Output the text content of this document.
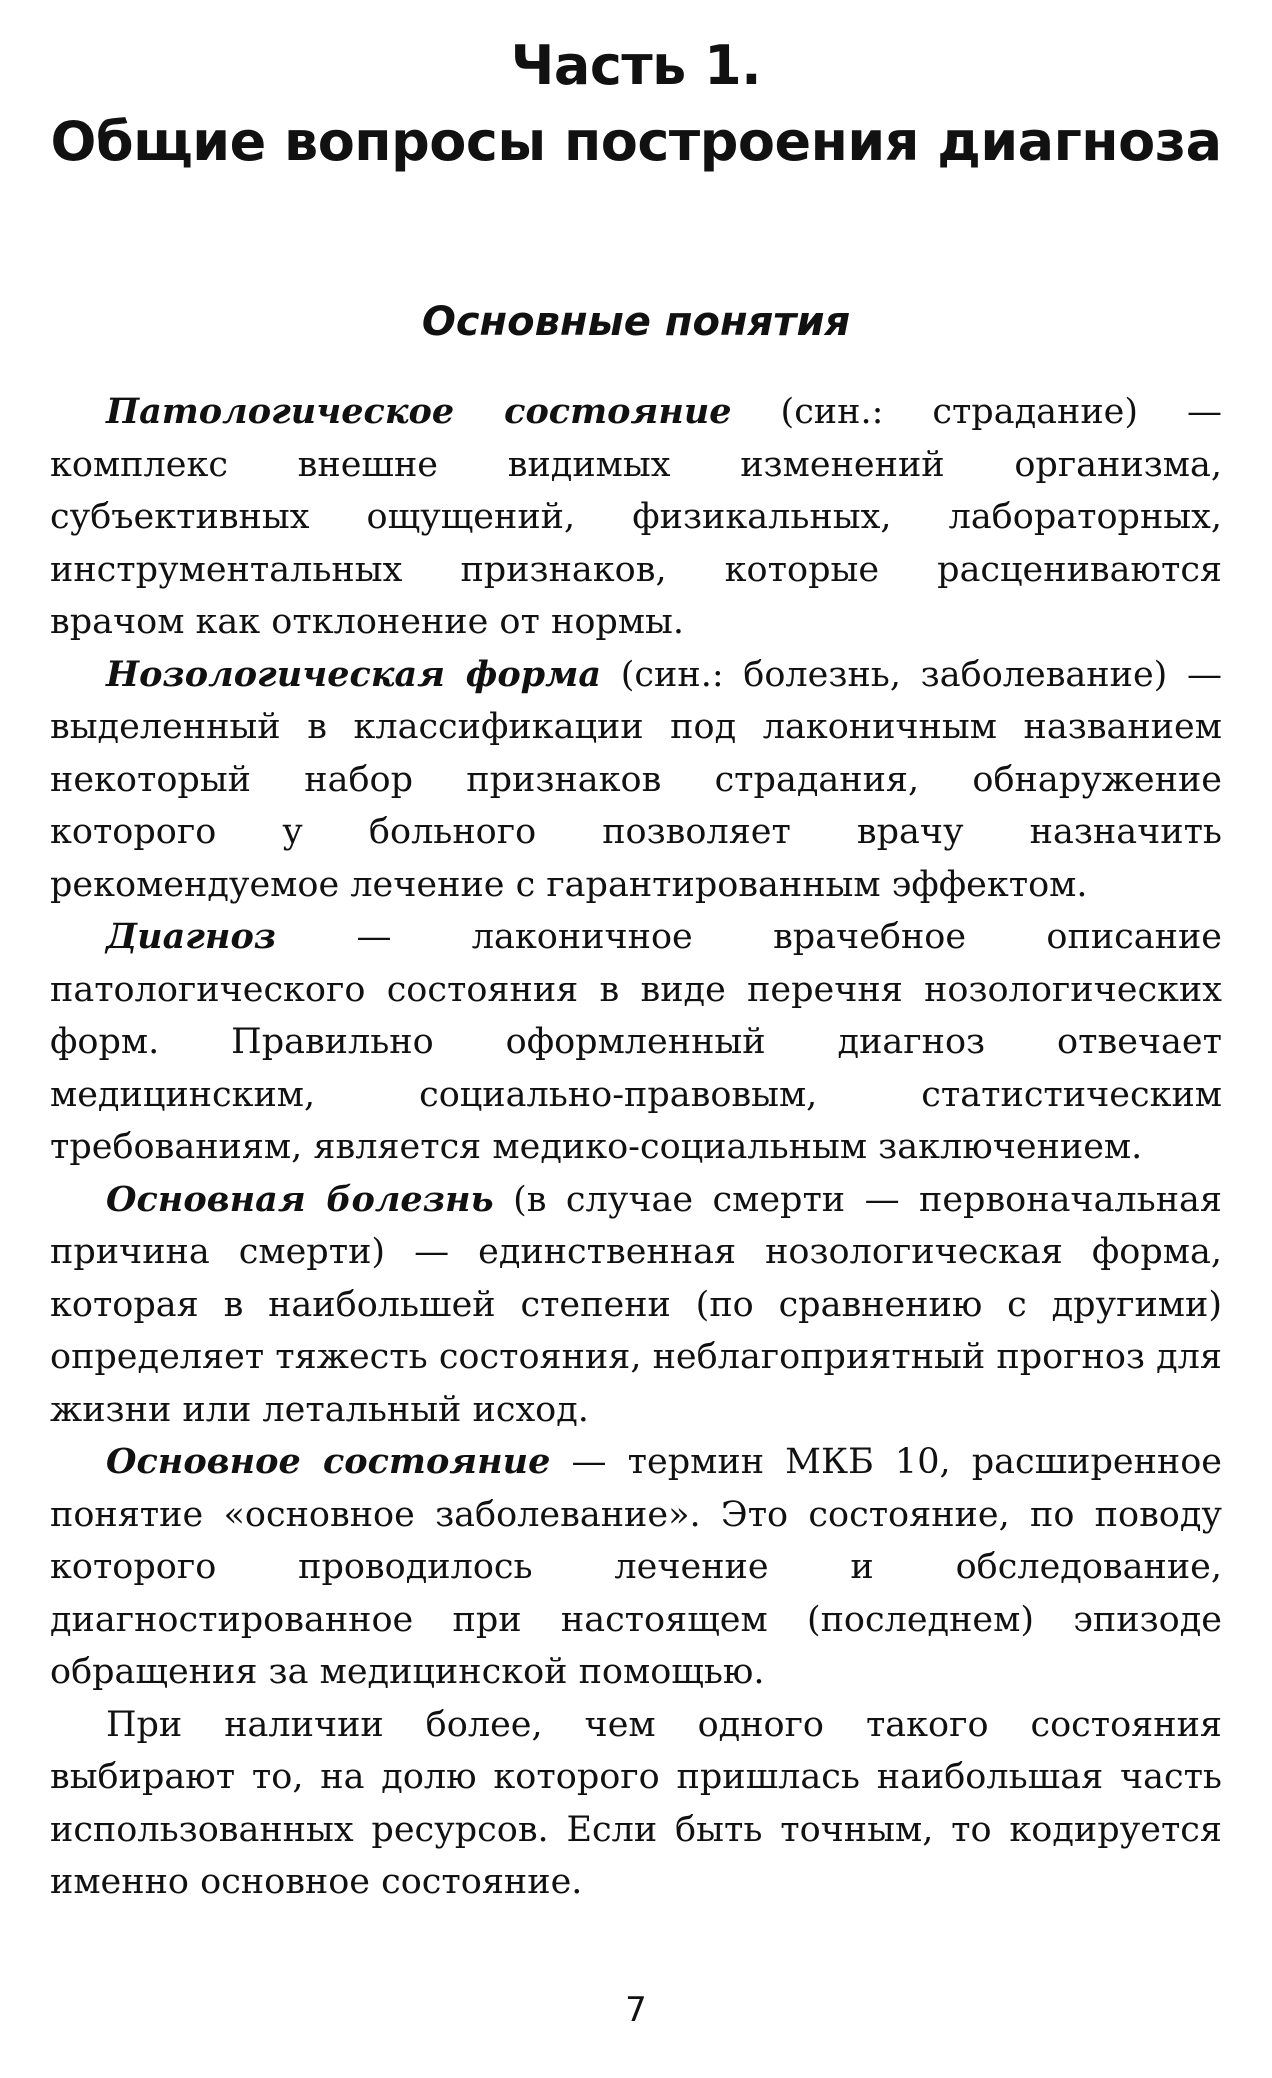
Часть 1.
Общие вопросы построения диагноза
Основные понятия

Патологическое состояние (син.: страдание) — комплекс внешне видимых изменений организма, субъективных ощущений, физикальных, лабораторных, инструментальных признаков, которые расцениваются врачом как отклонение от нормы.

Нозологическая форма (син.: болезнь, заболевание) — выделенный в классификации под лаконичным названием некоторый набор признаков страдания, обнаружение которого у больного позволяет врачу назначить рекомендуемое лечение с гарантированным эффектом.

Диагноз — лаконичное врачебное описание патологического состояния в виде перечня нозологических форм. Правильно оформленный диагноз отвечает медицинским, социально-правовым, статистическим требованиям, является медико-социальным заключением.

Основная болезнь (в случае смерти — первоначальная причина смерти) — единственная нозологическая форма, которая в наибольшей степени (по сравнению с другими) определяет тяжесть состояния, неблагоприятный прогноз для жизни или летальный исход.

Основное состояние — термин МКБ 10, расширенное понятие «основное заболевание». Это состояние, по поводу которого проводилось лечение и обследование, диагностированное при настоящем (последнем) эпизоде обращения за медицинской помощью.

При наличии более, чем одного такого состояния выбирают то, на долю которого пришлась наибольшая часть использованных ресурсов. Если быть точным, то кодируется именно основное состояние.

7
